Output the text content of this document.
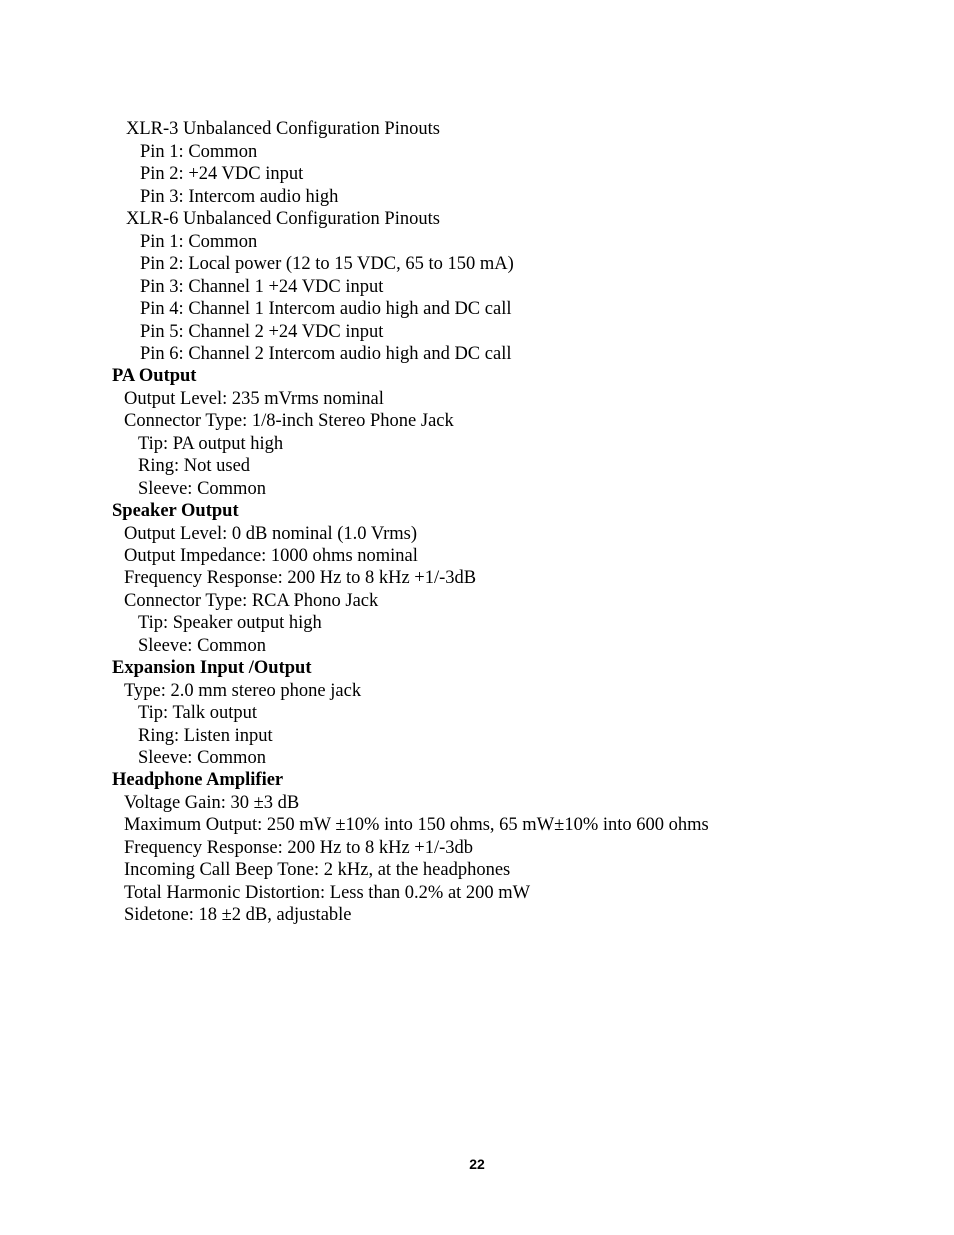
XLR-3 Unbalanced Configuration Pinouts
Pin 1: Common
Pin 2: +24 VDC input
Pin 3: Intercom audio high
XLR-6 Unbalanced Configuration Pinouts
Pin 1: Common
Pin 2: Local power (12 to 15 VDC, 65 to 150 mA)
Pin 3: Channel 1 +24 VDC input
Pin 4: Channel 1 Intercom audio high and DC call
Pin 5: Channel 2 +24 VDC input
Pin 6: Channel 2 Intercom audio high and DC call
PA Output
Output Level: 235 mVrms nominal
Connector Type: 1/8-inch Stereo Phone Jack
Tip: PA output high
Ring: Not used
Sleeve: Common
Speaker Output
Output Level: 0 dB nominal (1.0 Vrms)
Output Impedance: 1000 ohms nominal
Frequency Response: 200 Hz to 8 kHz +1/-3dB
Connector Type: RCA Phono Jack
Tip: Speaker output high
Sleeve: Common
Expansion Input /Output
Type: 2.0 mm stereo phone jack
Tip: Talk output
Ring: Listen input
Sleeve: Common
Headphone Amplifier
Voltage Gain: 30 ±3 dB
Maximum Output: 250 mW ±10% into 150 ohms, 65 mW±10% into 600 ohms
Frequency Response: 200 Hz to 8 kHz +1/-3db
Incoming Call Beep Tone: 2 kHz, at the headphones
Total Harmonic Distortion: Less than 0.2% at 200 mW
Sidetone: 18 ±2 dB, adjustable
22
